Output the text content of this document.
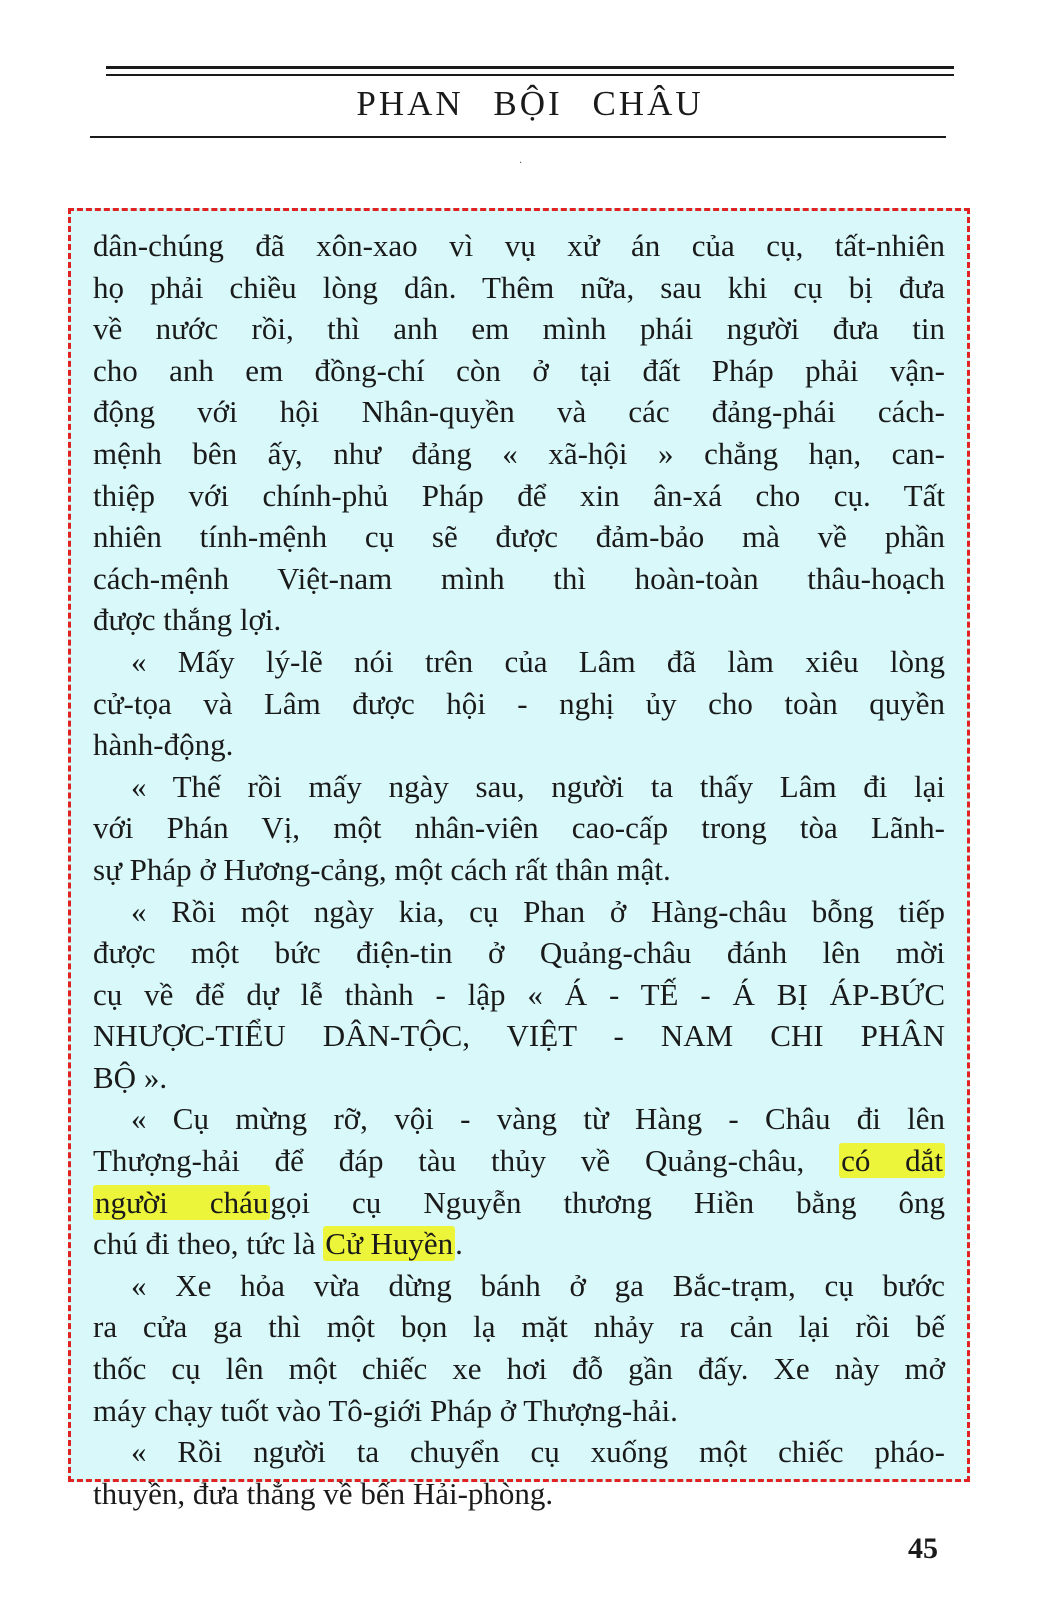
PHAN BỘI CHÂU
·
dân-chúng đã xôn-xao vì vụ xử án của cụ, tất-nhiên
họ phải chiều lòng dân. Thêm nữa, sau khi cụ bị đưa
về nước rồi, thì anh em mình phái người đưa tin
cho anh em đồng-chí còn ở tại đất Pháp phải vận-
động với hội Nhân-quyền và các đảng-phái cách-
mệnh bên ấy, như đảng « xã-hội » chẳng hạn, can-
thiệp với chính-phủ Pháp để xin ân-xá cho cụ. Tất
nhiên tính-mệnh cụ sẽ được đảm-bảo mà về phần
cách-mệnh Việt-nam mình thì hoàn-toàn thâu-hoạch
được thắng lợi.
« Mấy lý-lẽ nói trên của Lâm đã làm xiêu lòng
cử-tọa và Lâm được hội - nghị ủy cho toàn quyền
hành-động.
« Thế rồi mấy ngày sau, người ta thấy Lâm đi lại
với Phán Vị, một nhân-viên cao-cấp trong tòa Lãnh-
sự Pháp ở Hương-cảng, một cách rất thân mật.
« Rồi một ngày kia, cụ Phan ở Hàng-châu bỗng tiếp
được một bức điện-tin ở Quảng-châu đánh lên mời
cụ về để dự lễ thành - lập « Á - TẾ - Á BỊ ÁP-BỨC
NHƯỢC-TIỂU DÂN-TỘC, VIỆT - NAM CHI PHÂN
BỘ ».
« Cụ mừng rỡ, vội - vàng từ Hàng - Châu đi lên
Thượng-hải để đáp tàu thủy về Quảng-châu, có dắt
người cháugọi cụ Nguyễn thương Hiền bằng ông
chú đi theo, tức là Cử Huyền.
« Xe hỏa vừa dừng bánh ở ga Bắc-trạm, cụ bước
ra cửa ga thì một bọn lạ mặt nhảy ra cản lại rồi bế
thốc cụ lên một chiếc xe hơi đỗ gần đấy. Xe này mở
máy chạy tuốt vào Tô-giới Pháp ở Thượng-hải.
« Rồi người ta chuyển cụ xuống một chiếc pháo-
thuyền, đưa thẳng về bến Hải-phòng.
45
